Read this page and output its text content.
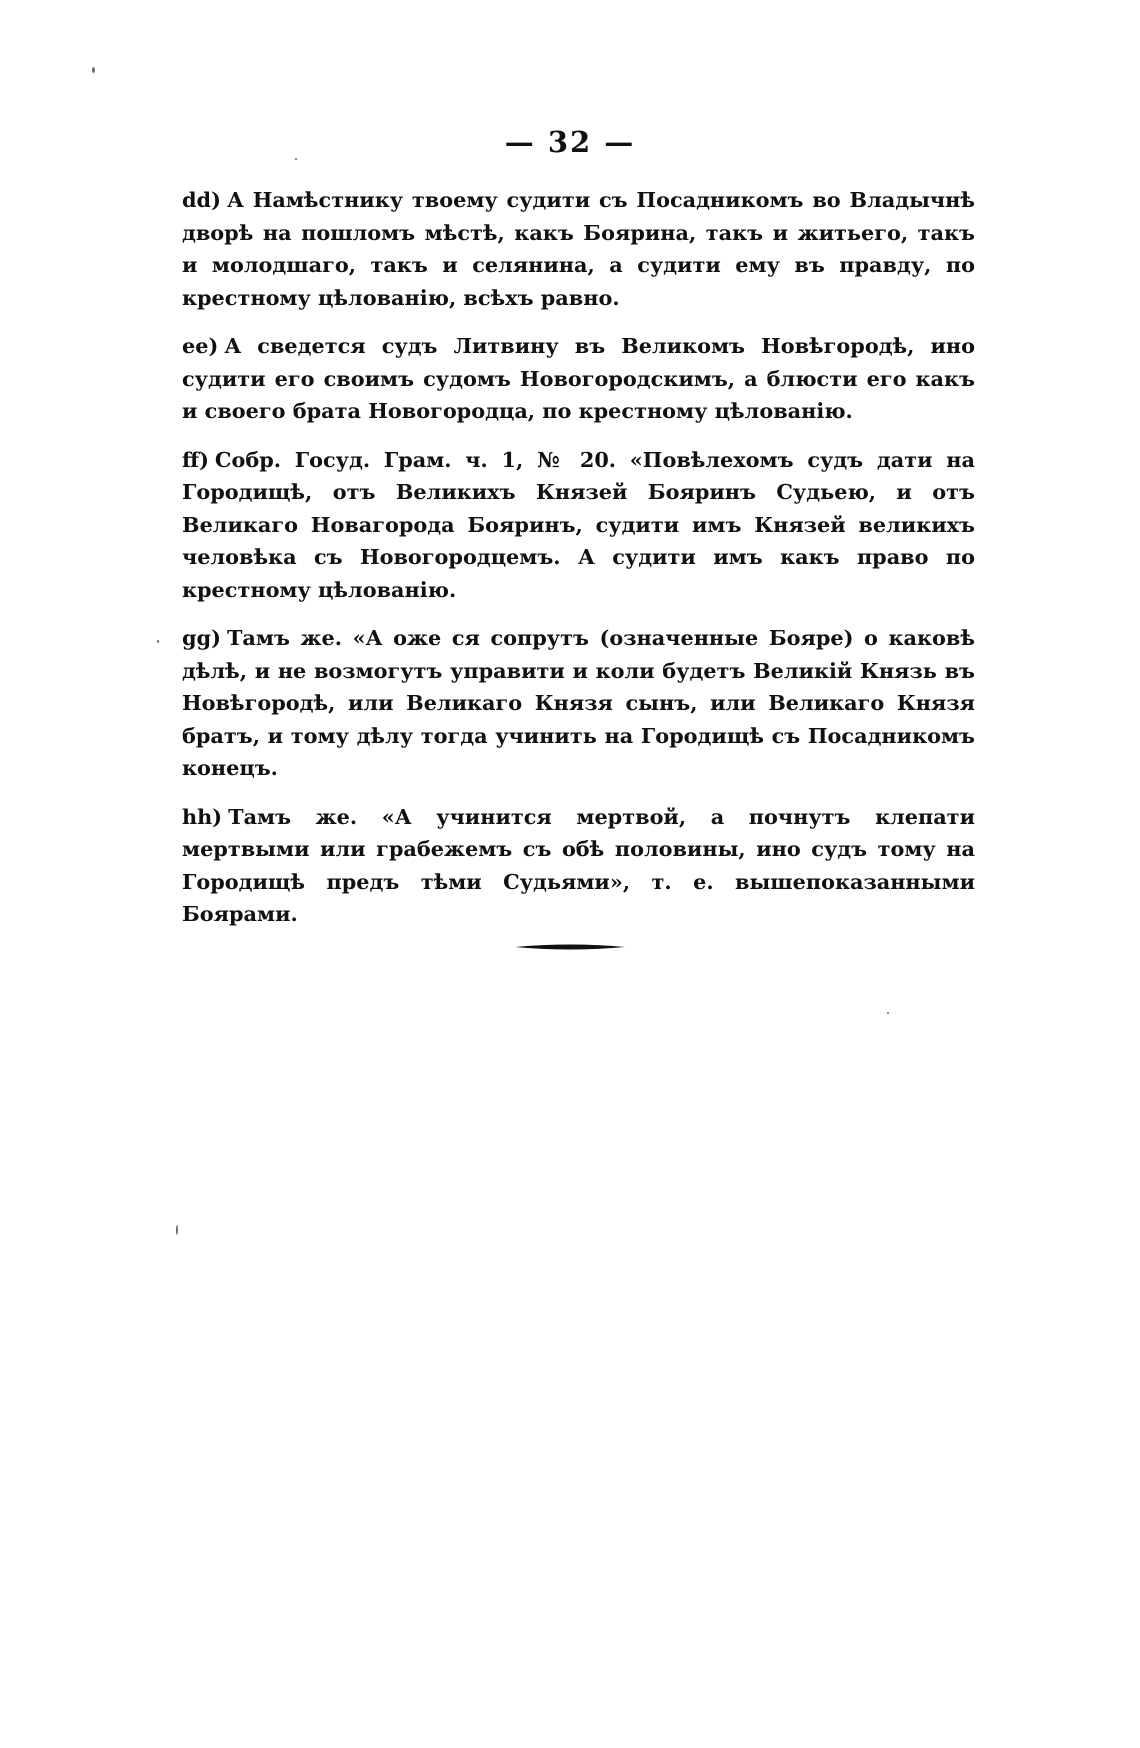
— 32 —

dd) А Намѣстнику твоему судити съ Посадникомъ во Владычнѣ дворѣ на пошломъ мѣстѣ, какъ Боярина, такъ и житьего, такъ и молодшаго, такъ и селянина, а судити ему въ правду, по крестному цѣлованію, всѣхъ равно.

ee) А сведется судъ Литвину въ Великомъ Новѣгородѣ, ино судити его своимъ судомъ Новогородскимъ, а блюсти его какъ и своего брата Новогородца, по крестному цѣлованію.

ff) Собр. Госуд. Грам. ч. 1, № 20. «Повѣлехомъ судъ дати на Городищѣ, отъ Великихъ Князей Бояринъ Судьею, и отъ Великаго Новагорода Бояринъ, судити имъ Князей великихъ человѣка съ Новогородцемъ. А судити имъ какъ право по крестному цѣлованію.

gg) Тамъ же. «А оже ся сопрутъ (означенные Бояре) о каковѣ дѣлѣ, и не возмогутъ управити и коли будетъ Великій Князь въ Новѣгородѣ, или Великаго Князя сынъ, или Великаго Князя братъ, и тому дѣлу тогда учинить на Городищѣ съ Посадникомъ конецъ.

hh) Тамъ же. «А учинится мертвой, а почнутъ клепати мертвыми или грабежемъ съ обѣ половины, ино судъ тому на Городищѣ предъ тѣми Судьями», т. е. вышепоказанными Боярами.
